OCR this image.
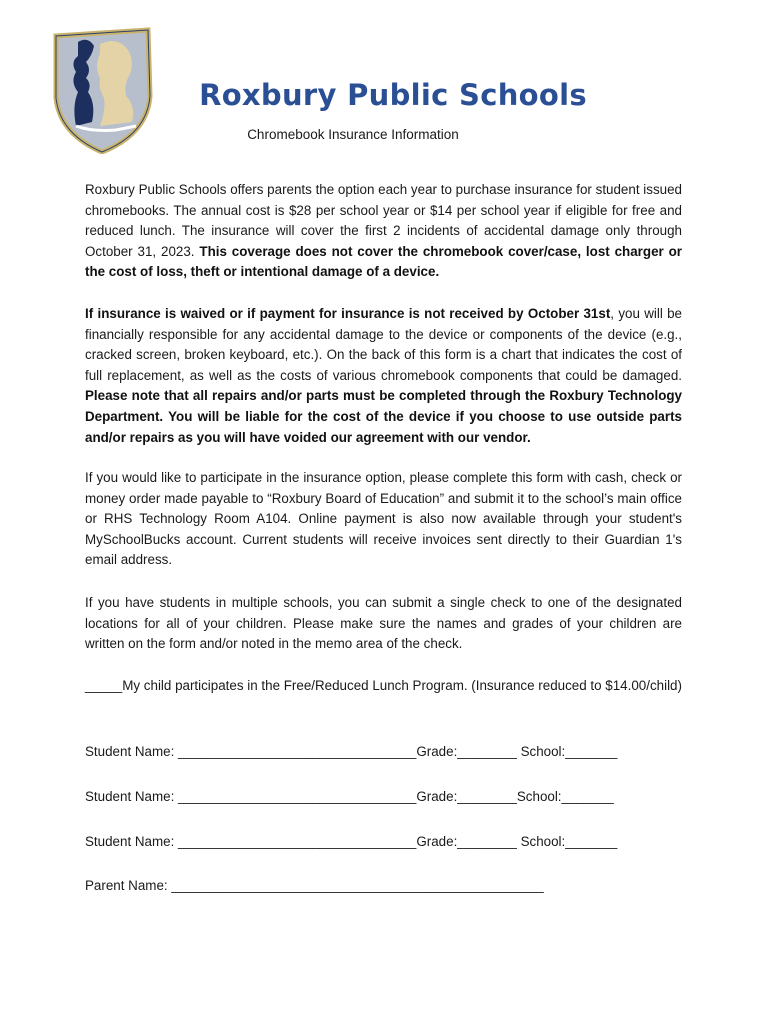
Roxbury Public Schools
Chromebook Insurance Information

Roxbury Public Schools offers parents the option each year to purchase insurance for student issued chromebooks. The annual cost is $28 per school year or $14 per school year if eligible for free and reduced lunch. The insurance will cover the first 2 incidents of accidental damage only through October 31, 2023. This coverage does not cover the chromebook cover/case, lost charger or the cost of loss, theft or intentional damage of a device.

If insurance is waived or if payment for insurance is not received by October 31st, you will be financially responsible for any accidental damage to the device or components of the device (e.g., cracked screen, broken keyboard, etc.). On the back of this form is a chart that indicates the cost of full replacement, as well as the costs of various chromebook components that could be damaged. Please note that all repairs and/or parts must be completed through the Roxbury Technology Department. You will be liable for the cost of the device if you choose to use outside parts and/or repairs as you will have voided our agreement with our vendor.

If you would like to participate in the insurance option, please complete this form with cash, check or money order made payable to “Roxbury Board of Education” and submit it to the school’s main office or RHS Technology Room A104. Online payment is also now available through your student's MySchoolBucks account. Current students will receive invoices sent directly to their Guardian 1's email address.

If you have students in multiple schools, you can submit a single check to one of the designated locations for all of your children. Please make sure the names and grades of your children are written on the form and/or noted in the memo area of the check.

_____My child participates in the Free/Reduced Lunch Program. (Insurance reduced to $14.00/child)

Student Name: ________________________________Grade:________ School:_______
Student Name: ________________________________Grade:________School:_______
Student Name: ________________________________Grade:________ School:_______
Parent Name: __________________________________________________
